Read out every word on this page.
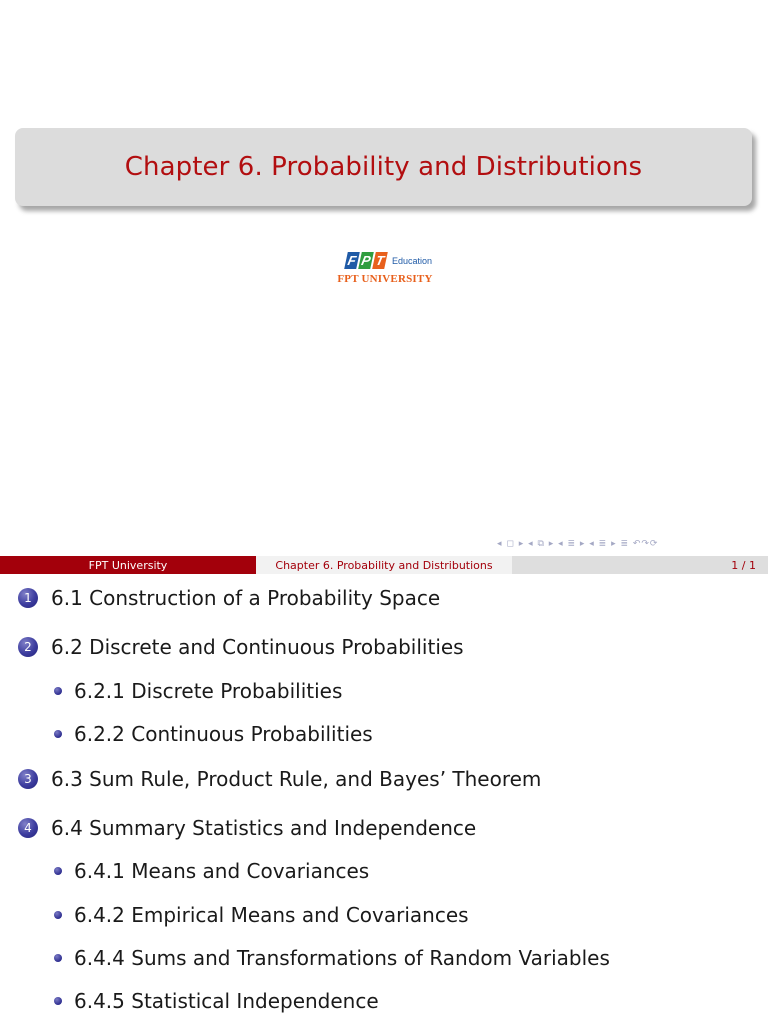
Chapter 6. Probability and Distributions
F P T Education
FPT UNIVERSITY
◂ ◻ ▸ ◂ ⧉ ▸ ◂ ≣ ▸ ◂ ≣ ▸ ≣ ↶↷⟳
FPT University	Chapter 6. Probability and Distributions	1 / 1
1 6.1 Construction of a Probability Space
2 6.2 Discrete and Continuous Probabilities
6.2.1 Discrete Probabilities
6.2.2 Continuous Probabilities
3 6.3 Sum Rule, Product Rule, and Bayes’ Theorem
4 6.4 Summary Statistics and Independence
6.4.1 Means and Covariances
6.4.2 Empirical Means and Covariances
6.4.4 Sums and Transformations of Random Variables
6.4.5 Statistical Independence
